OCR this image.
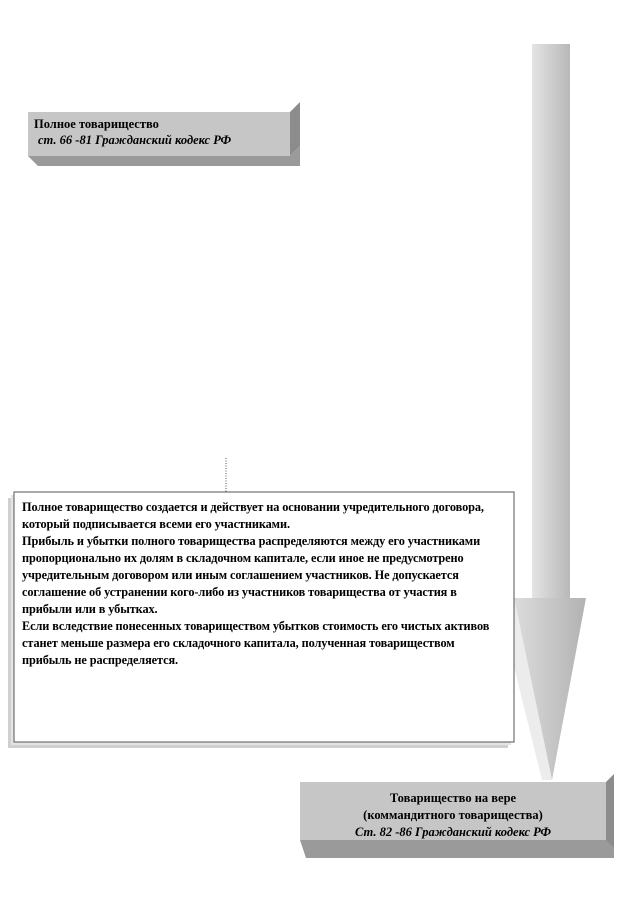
Полное товарищество
ст. 66 -81 Гражданский кодекс РФ

Полное товарищество создается и действует на основании учредительного договора, который подписывается всеми его участниками.

Прибыль и убытки полного товарищества распределяются между его участниками пропорционально их долям в складочном капитале, если иное не предусмотрено учредительным договором или иным соглашением участников. Не допускается соглашение об устранении кого-либо из участников товарищества от участия в прибыли или в убытках.

Если вследствие понесенных товариществом убытков стоимость его чистых активов станет меньше размера его складочного капитала, полученная товариществом прибыль не распределяется.

Товарищество на вере
(коммандитного товарищества)
Ст. 82 -86 Гражданский кодекс РФ
